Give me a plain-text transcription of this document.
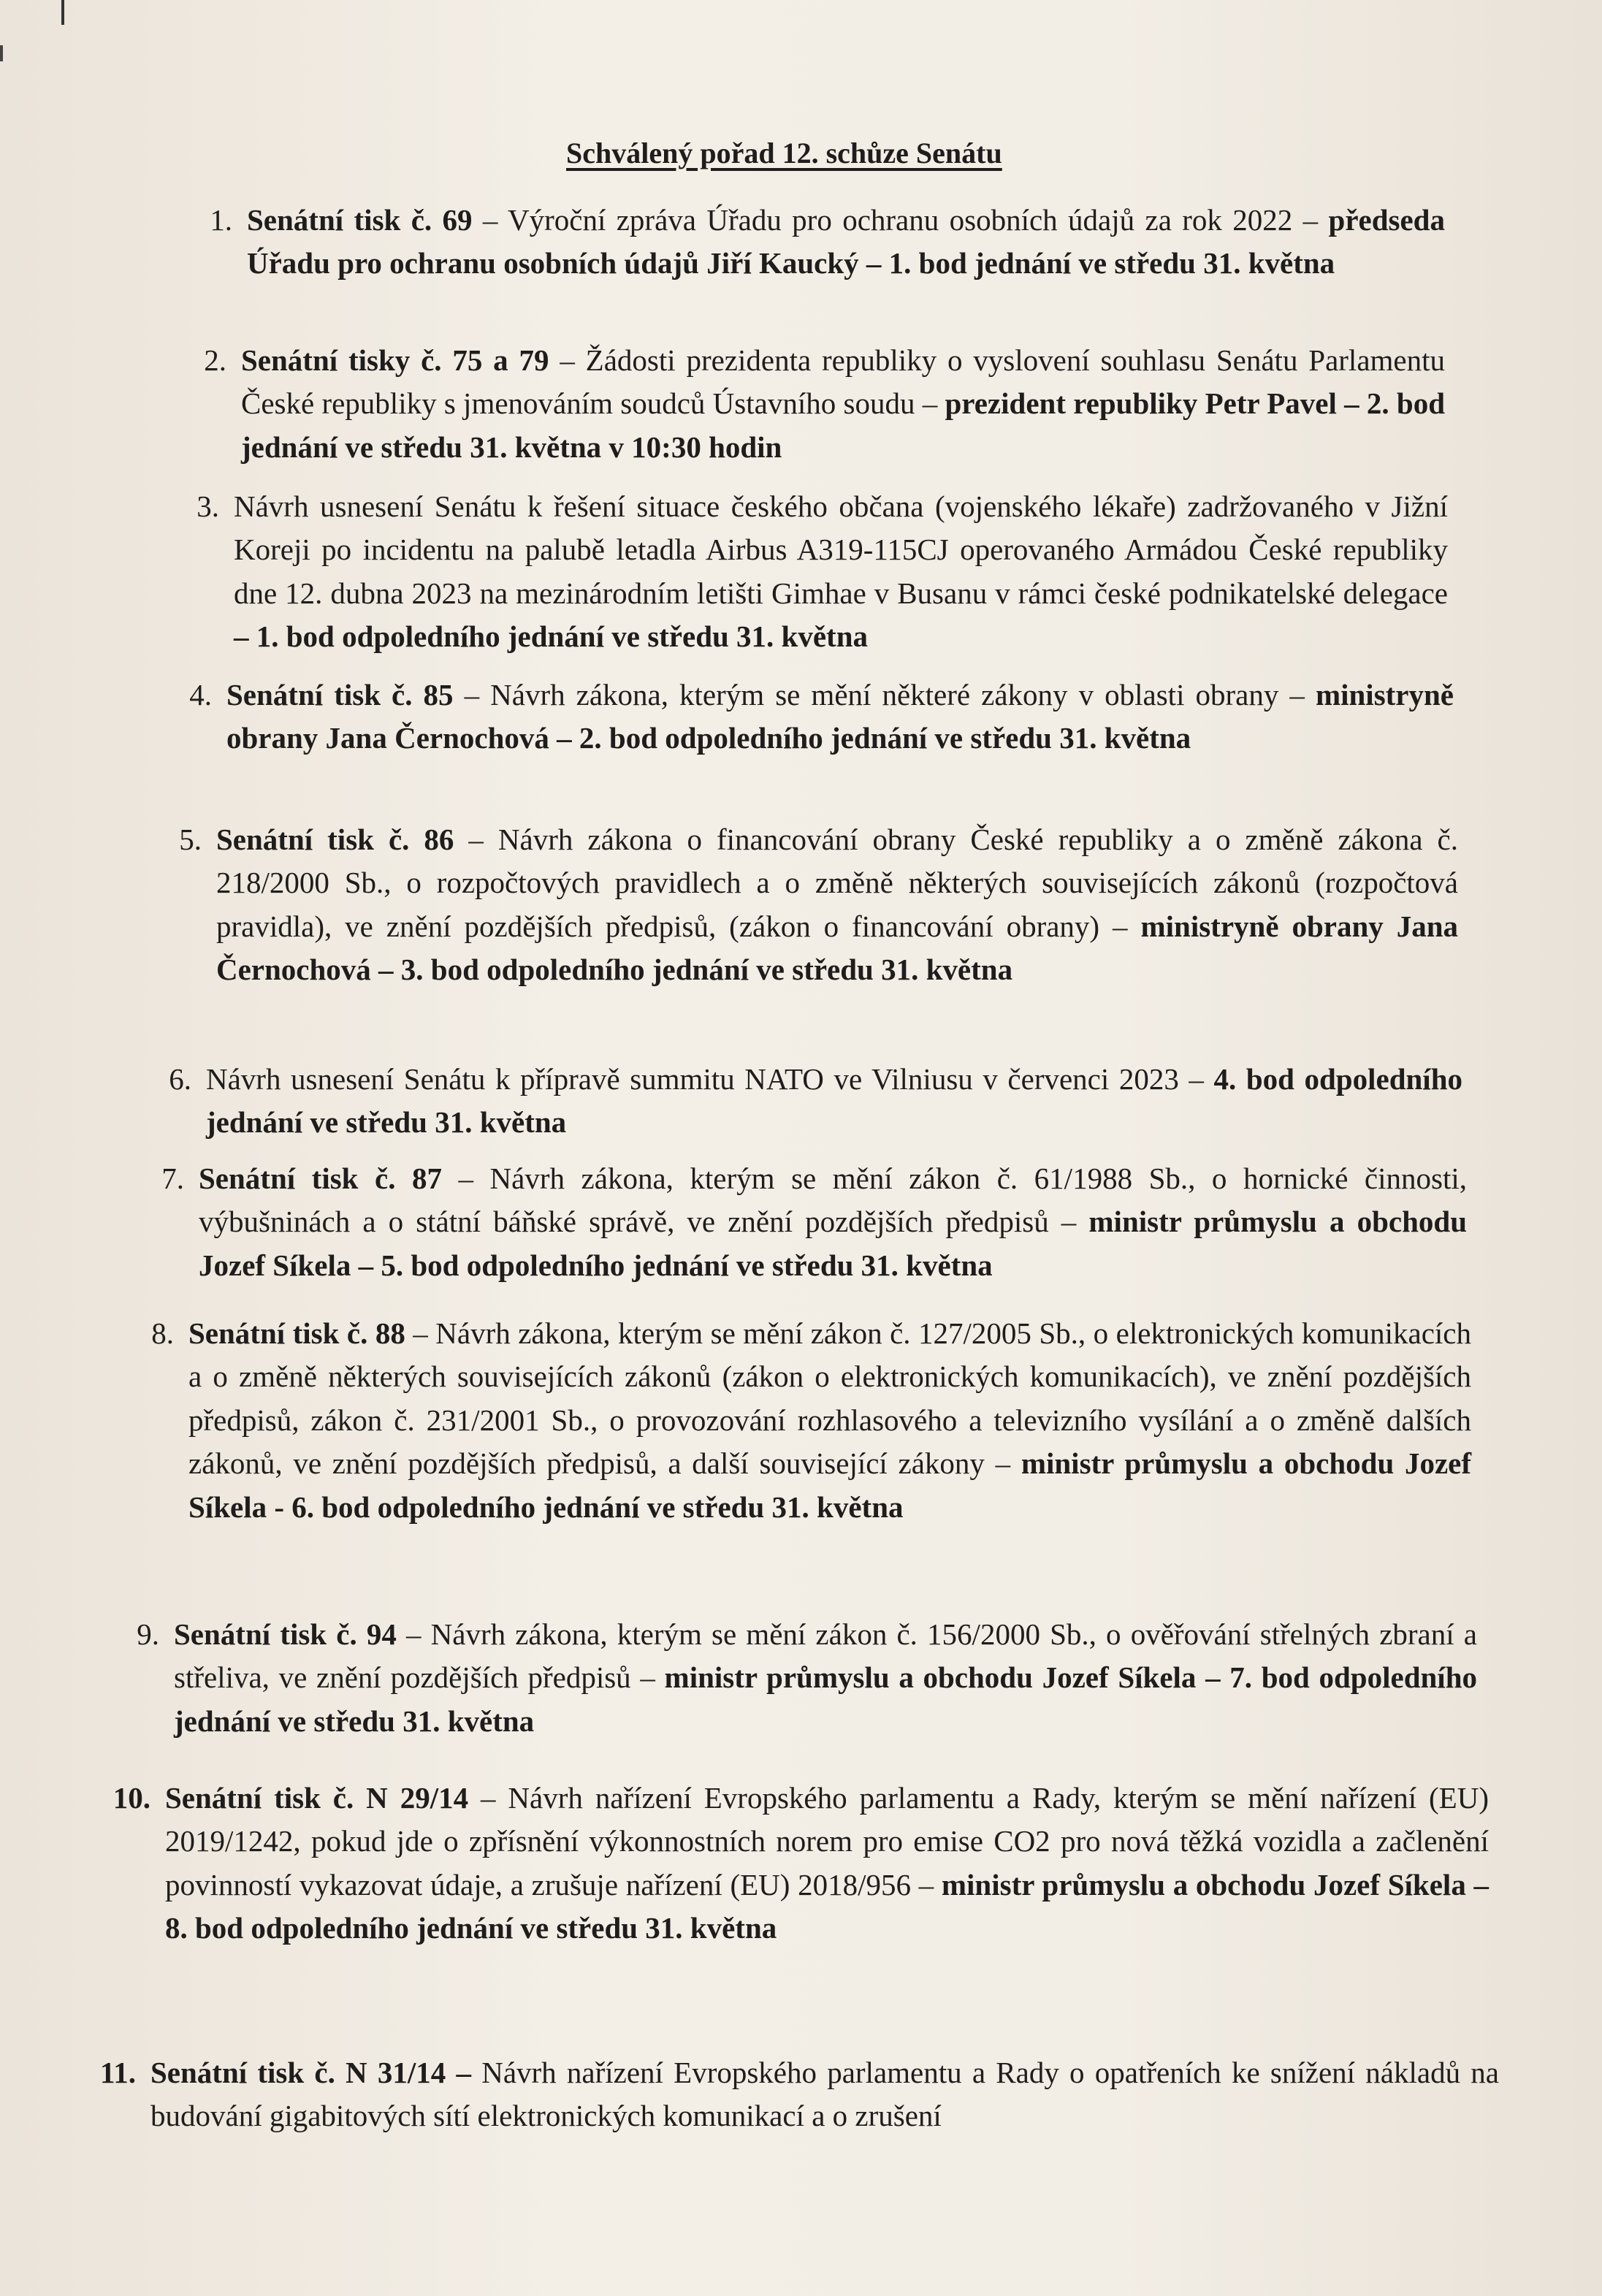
Schválený pořad 12. schůze Senátu
1. Senátní tisk č. 69 – Výroční zpráva Úřadu pro ochranu osobních údajů za rok 2022 – předseda Úřadu pro ochranu osobních údajů Jiří Kaucký – 1. bod jednání ve středu 31. května
2. Senátní tisky č. 75 a 79 – Žádosti prezidenta republiky o vyslovení souhlasu Senátu Parlamentu České republiky s jmenováním soudců Ústavního soudu – prezident republiky Petr Pavel – 2. bod jednání ve středu 31. května v 10:30 hodin
3. Návrh usnesení Senátu k řešení situace českého občana (vojenského lékaře) zadržovaného v Jižní Koreji po incidentu na palubě letadla Airbus A319-115CJ operovaného Armádou České republiky dne 12. dubna 2023 na mezinárodním letišti Gimhae v Busanu v rámci české podnikatelské delegace – 1. bod odpoledního jednání ve středu 31. května
4. Senátní tisk č. 85 – Návrh zákona, kterým se mění některé zákony v oblasti obrany – ministryně obrany Jana Černochová – 2. bod odpoledního jednání ve středu 31. května
5. Senátní tisk č. 86 – Návrh zákona o financování obrany České republiky a o změně zákona č. 218/2000 Sb., o rozpočtových pravidlech a o změně některých souvisejících zákonů (rozpočtová pravidla), ve znění pozdějších předpisů, (zákon o financování obrany) – ministryně obrany Jana Černochová – 3. bod odpoledního jednání ve středu 31. května
6. Návrh usnesení Senátu k přípravě summitu NATO ve Vilniusu v červenci 2023 – 4. bod odpoledního jednání ve středu 31. května
7. Senátní tisk č. 87 – Návrh zákona, kterým se mění zákon č. 61/1988 Sb., o hornické činnosti, výbušninách a o státní báňské správě, ve znění pozdějších předpisů – ministr průmyslu a obchodu Jozef Síkela – 5. bod odpoledního jednání ve středu 31. května
8. Senátní tisk č. 88 – Návrh zákona, kterým se mění zákon č. 127/2005 Sb., o elektronických komunikacích a o změně některých souvisejících zákonů (zákon o elektronických komunikacích), ve znění pozdějších předpisů, zákon č. 231/2001 Sb., o provozování rozhlasového a televizního vysílání a o změně dalších zákonů, ve znění pozdějších předpisů, a další související zákony – ministr průmyslu a obchodu Jozef Síkela - 6. bod odpoledního jednání ve středu 31. května
9. Senátní tisk č. 94 – Návrh zákona, kterým se mění zákon č. 156/2000 Sb., o ověřování střelných zbraní a střeliva, ve znění pozdějších předpisů – ministr průmyslu a obchodu Jozef Síkela – 7. bod odpoledního jednání ve středu 31. května
10. Senátní tisk č. N 29/14 – Návrh nařízení Evropského parlamentu a Rady, kterým se mění nařízení (EU) 2019/1242, pokud jde o zpřísnění výkonnostních norem pro emise CO2 pro nová těžká vozidla a začlenění povinností vykazovat údaje, a zrušuje nařízení (EU) 2018/956 – ministr průmyslu a obchodu Jozef Síkela – 8. bod odpoledního jednání ve středu 31. května
11. Senátní tisk č. N 31/14 – Návrh nařízení Evropského parlamentu a Rady o opatřeních ke snížení nákladů na budování gigabitových sítí elektronických komunikací a o zrušení
